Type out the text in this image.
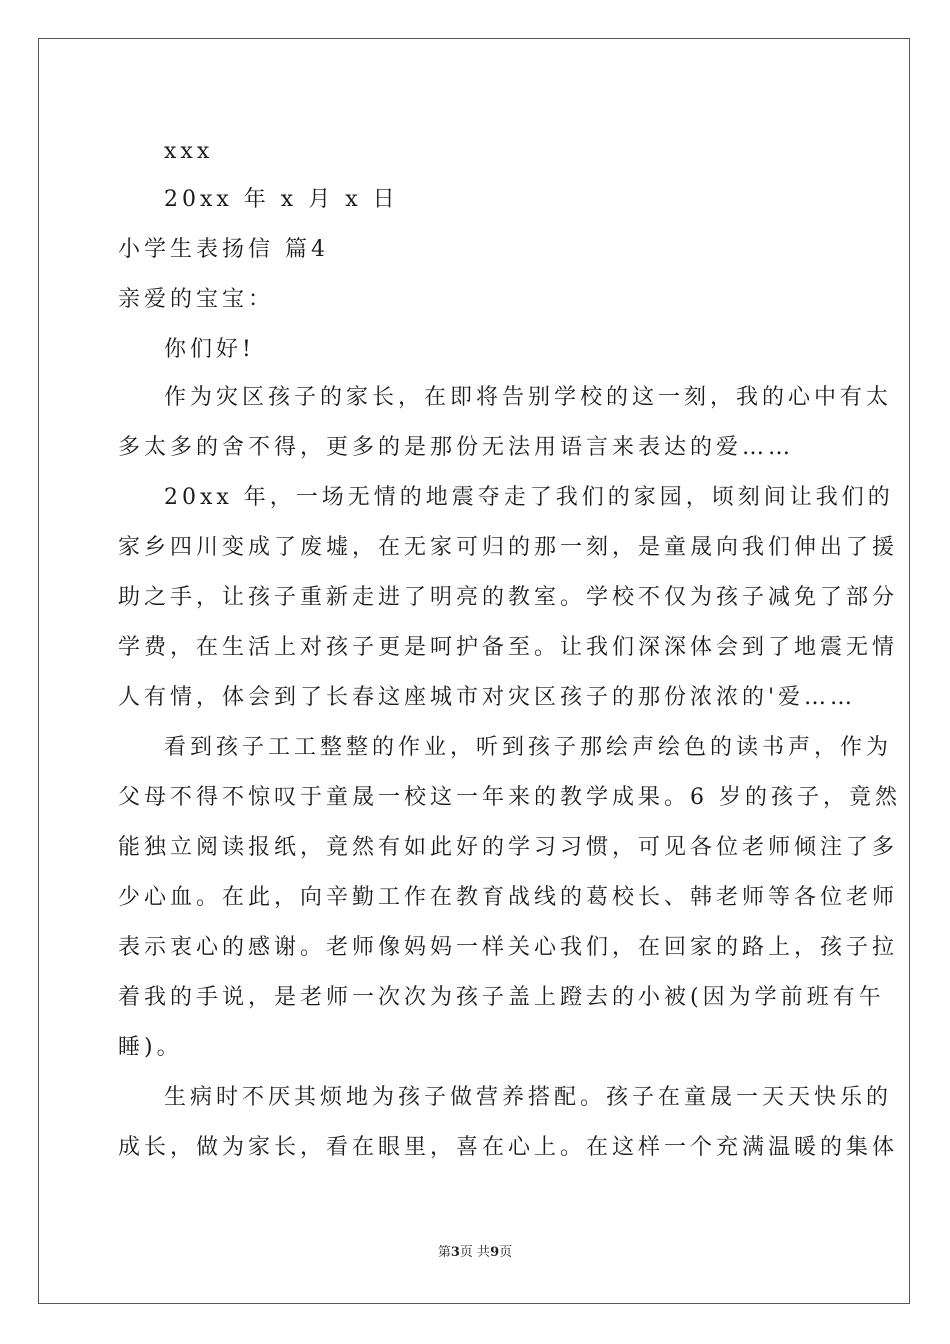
xxx
20xx 年 x 月 x 日
小学生表扬信 篇4
亲爱的宝宝：
你们好!
作为灾区孩子的家长，在即将告别学校的这一刻，我的心中有太
多太多的舍不得，更多的是那份无法用语言来表达的爱……
20xx 年，一场无情的地震夺走了我们的家园，顷刻间让我们的
家乡四川变成了废墟，在无家可归的那一刻，是童晟向我们伸出了援
助之手，让孩子重新走进了明亮的教室。学校不仅为孩子减免了部分
学费，在生活上对孩子更是呵护备至。让我们深深体会到了地震无情
人有情，体会到了长春这座城市对灾区孩子的那份浓浓的'爱……
看到孩子工工整整的作业，听到孩子那绘声绘色的读书声，作为
父母不得不惊叹于童晟一校这一年来的教学成果。6 岁的孩子，竟然
能独立阅读报纸，竟然有如此好的学习习惯，可见各位老师倾注了多
少心血。在此，向辛勤工作在教育战线的葛校长、韩老师等各位老师
表示衷心的感谢。老师像妈妈一样关心我们，在回家的路上，孩子拉
着我的手说，是老师一次次为孩子盖上蹬去的小被(因为学前班有午
睡)。
生病时不厌其烦地为孩子做营养搭配。孩子在童晟一天天快乐的
成长，做为家长，看在眼里，喜在心上。在这样一个充满温暖的集体
第3页 共9页
